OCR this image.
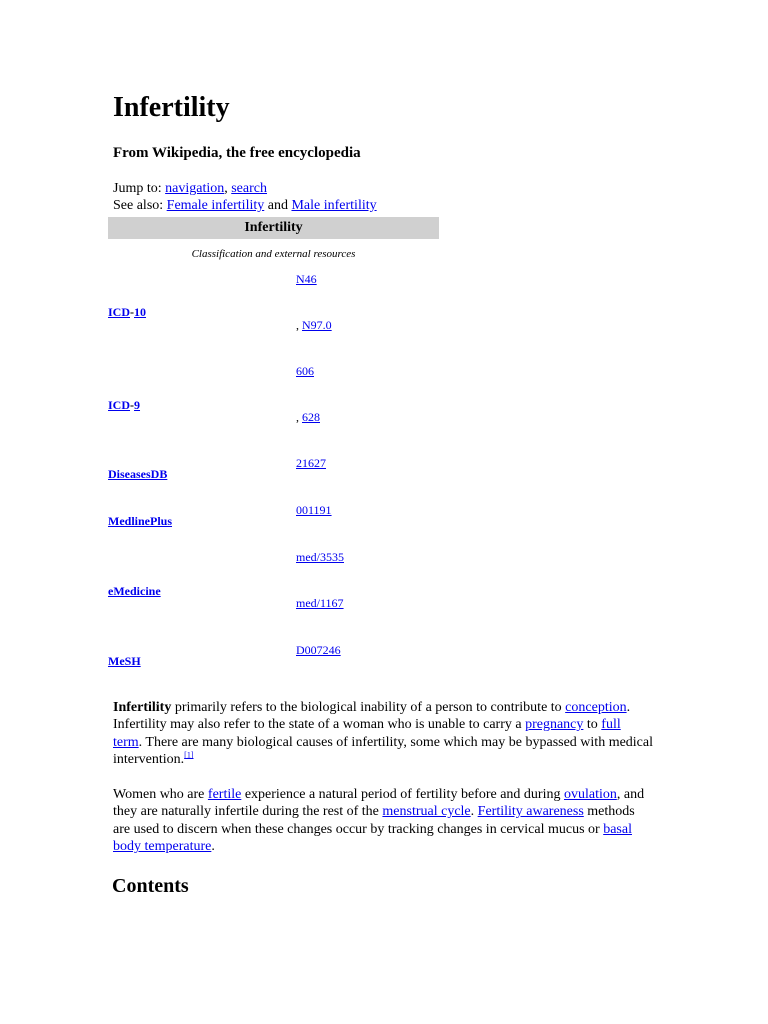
Infertility
From Wikipedia, the free encyclopedia
Jump to: navigation, search
See also: Female infertility and Male infertility
Infertility
Classification and external resources
ICD-10
N46
, N97.0
ICD-9
606
, 628
DiseasesDB
21627
MedlinePlus
001191
eMedicine
med/3535
med/1167
MeSH
D007246

Infertility primarily refers to the biological inability of a person to contribute to conception. Infertility may also refer to the state of a woman who is unable to carry a pregnancy to full term. There are many biological causes of infertility, some which may be bypassed with medical intervention.[1]

Women who are fertile experience a natural period of fertility before and during ovulation, and they are naturally infertile during the rest of the menstrual cycle. Fertility awareness methods are used to discern when these changes occur by tracking changes in cervical mucus or basal body temperature.

Contents
